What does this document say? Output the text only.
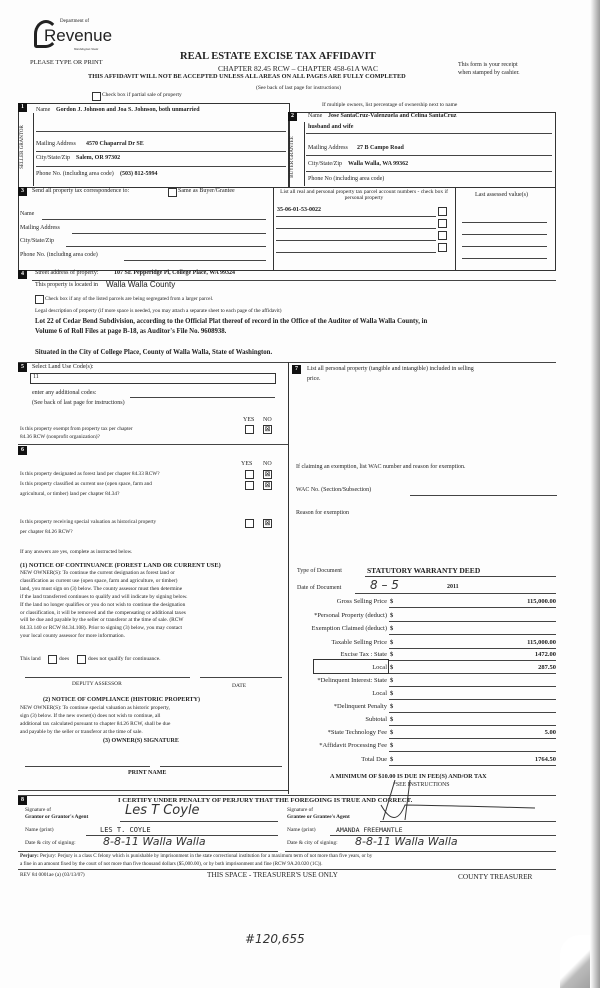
Department of
Revenue
Washington State
PLEASE TYPE OR PRINT
REAL ESTATE EXCISE TAX AFFIDAVIT
CHAPTER 82.45 RCW – CHAPTER 458-61A WAC
THIS AFFIDAVIT WILL NOT BE ACCEPTED UNLESS ALL AREAS ON ALL PAGES ARE FULLY COMPLETED
This form is your receipt
when stamped by cashier.
(See back of last page for instructions)
Check box if partial sale of property
If multiple owners, list percentage of ownership next to name
1
SELLER GRANTOR
Name Gordon J. Johnson and Joa S. Johnson, both unmarried
Mailing Address 4570 Chaparral Dr SE
City/State/Zip Salem, OR 97302
Phone No. (including area code) (503) 812-5994
2
BUYER GRANTEE
Name Jose SantaCruz-Valenzuela and Celina SantaCruz
husband and wife
Mailing Address 27 B Campo Road
City/State/Zip Walla Walla, WA 99362
Phone No (including area code)
3	Send all property tax correspondence to:	Same as Buyer/Grantee
Name
Mailing Address
City/State/Zip
Phone No. (including area code)
List all real and personal property tax parcel account numbers - check box if personal property	Last assessed value(s)
35-06-01-53-0022
4	Street address of property:	107 SE Pepperidge Pl, College Place, WA 99324
This property is located in Walla Walla County
Check box if any of the listed parcels are being segregated from a larger parcel.
Legal description of property (if more space is needed, you may attach a separate sheet to each page of the affidavit)
Lot 22 of Cedar Bend Subdivision, according to the Official Plat thereof of record in the Office of the Auditor of Walla Walla County, in
Volume 6 of Roll Files at page B-18, as Auditor's File No. 9608938.
Situated in the City of College Place, County of Walla Walla, State of Washington.
5	Select Land Use Code(s):
11
enter any additional codes:
(See back of last page for instructions)
YES NO
Is this property exempt from property tax per chapter
84.36 RCW (nonprofit organization)?
⊠
6
YES NO
Is this property designated as forest land per chapter 84.33 RCW?	⊠
Is this property classified as current use (open space, farm and
agricultural, or timber) land per chapter 84.34?
⊠
Is this property receiving special valuation as historical property
per chapter 84.26 RCW?
⊠
If any answers are yes, complete as instructed below.
(1) NOTICE OF CONTINUANCE (FOREST LAND OR CURRENT USE)
NEW OWNER(S): To continue the current designation as forest land or
classification as current use (open space, farm and agriculture, or timber)
land, you must sign on (3) below. The county assessor must then determine
if the land transferred continues to qualify and will indicate by signing below.
If the land no longer qualifies or you do not wish to continue the designation
or classification, it will be removed and the compensating or additional taxes
will be due and payable by the seller or transferor at the time of sale. (RCW
84.33.140 or RCW 84.34.108). Prior to signing (3) below, you may contact
your local county assessor for more information.
This land	does	does not qualify for continuance.
DEPUTY ASSESSOR	DATE
(2) NOTICE OF COMPLIANCE (HISTORIC PROPERTY)
NEW OWNER(S): To continue special valuation as historic property,
sign (3) below. If the new owner(s) does not wish to continue, all
additional tax calculated pursuant to chapter 84.26 RCW, shall be due
and payable by the seller or transferor at the time of sale.
(3) OWNER(S) SIGNATURE
PRINT NAME
7	List all personal property (tangible and intangible) included in selling
price.
If claiming an exemption, list WAC number and reason for exemption.
WAC No. (Section/Subsection)
Reason for exemption
Type of Document	STATUTORY WARRANTY DEED
Date of Document 8 – 5	2011
Gross Selling Price $	115,000.00
*Personal Property (deduct) $
Exemption Claimed (deduct) $
Taxable Selling Price $	115,000.00
Excise Tax : State $	1472.00
Local $	287.50
*Delinquent Interest: State $
Local $
*Delinquent Penalty $
Subtotal $
*State Technology Fee $	5.00
*Affidavit Processing Fee $
Total Due $	1764.50
A MINIMUM OF $10.00 IS DUE IN FEE(S) AND/OR TAX
*SEE INSTRUCTIONS
8	I CERTIFY UNDER PENALTY OF PERJURY THAT THE FOREGOING IS TRUE AND CORRECT.
Signature of
Grantor or Grantor's Agent	Les T Coyle	Signature of
Grantee or Grantee's Agent
Name (print)	LES T. COYLE	Name (print)	AMANDA FREEMANTLE
Date & city of signing: 8-8-11 Walla Walla	Date & city of signing: 8-8-11 Walla Walla
Perjury: Perjury: Perjury is a class C felony which is punishable by imprisonment in the state correctional institution for a maximum term of not more than five years, or by
a fine in an amount fixed by the court of not more than five thousand dollars ($5,000.00), or by both imprisonment and fine (RCW 9A.20.020 (1C)).
REV 84 0001ae (a) (03/13/07)	THIS SPACE - TREASURER'S USE ONLY	COUNTY TREASURER
#120,655
